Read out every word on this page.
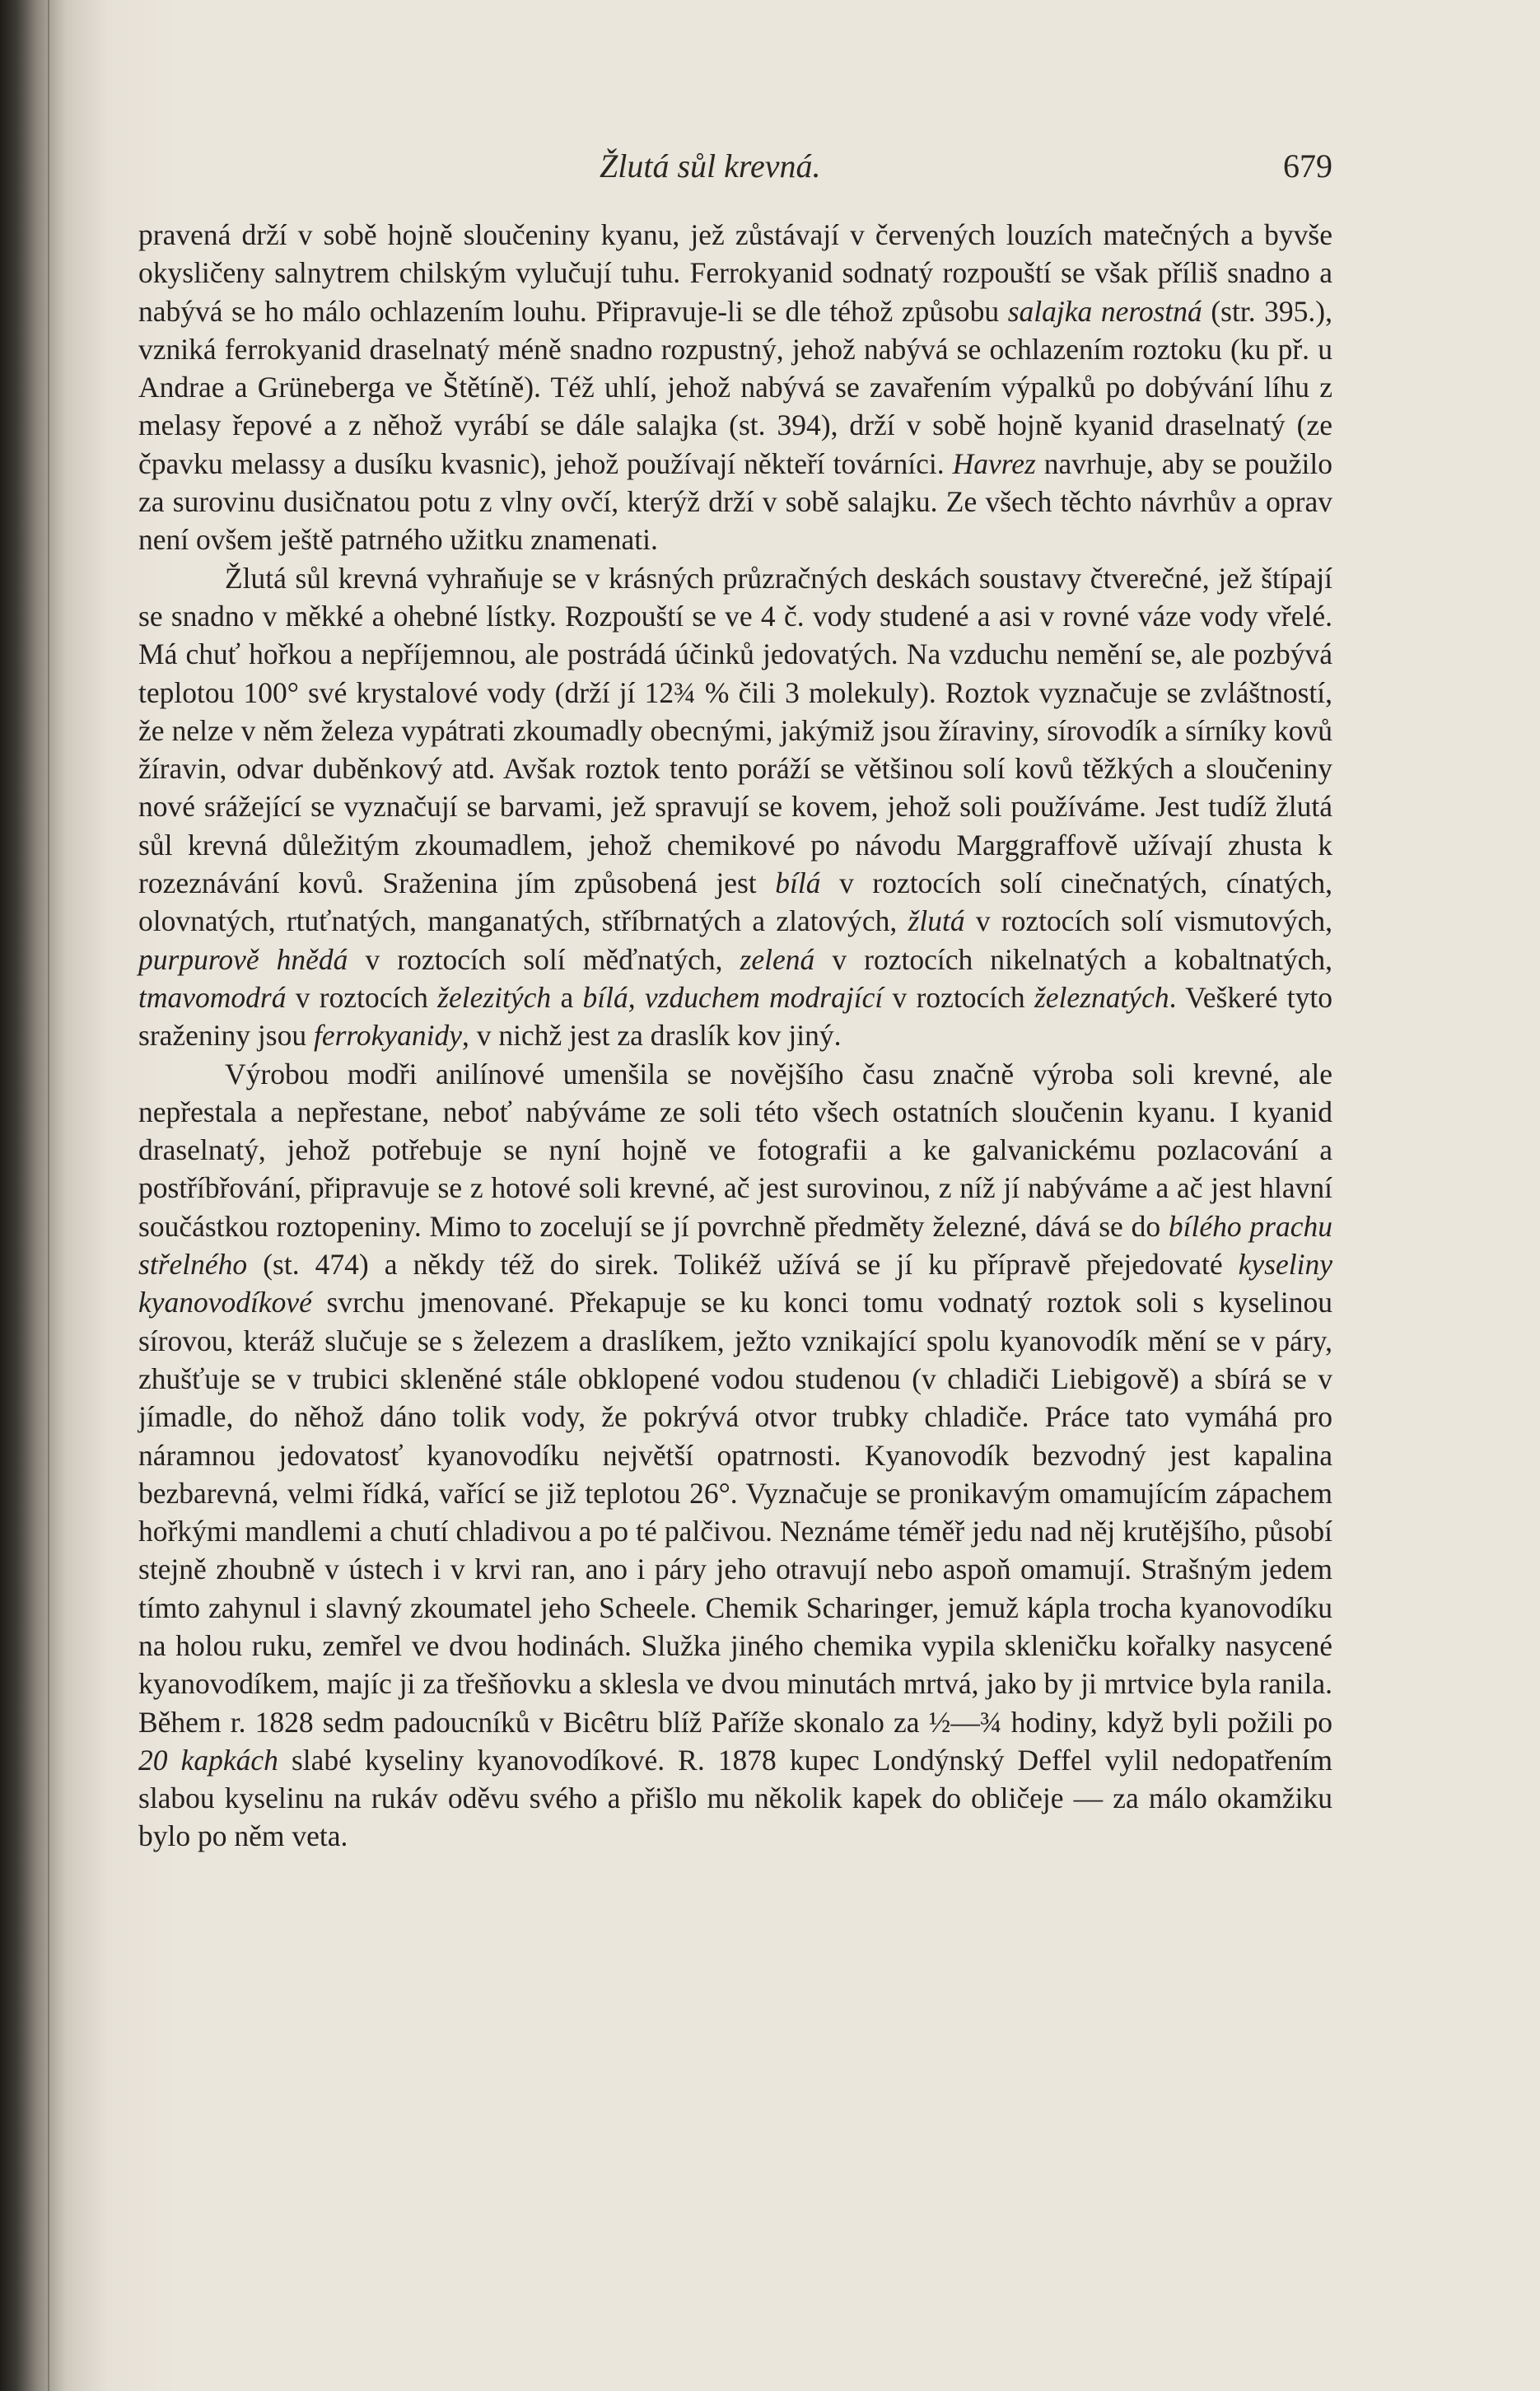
Žlutá sůl krevná.	679

pravená drží v sobě hojně sloučeniny kyanu, jež zůstávají v červených louzích matečných a byvše okysličeny salnytrem chilským vylučují tuhu. Ferrokyanid sodnatý rozpouští se však příliš snadno a nabývá se ho málo ochlazením louhu. Připravuje-li se dle téhož způsobu salajka nerostná (str. 395.), vzniká ferrokyanid draselnatý méně snadno rozpustný, jehož nabývá se ochlazením roztoku (ku př. u Andrae a Grüneberga ve Štětíně). Též uhlí, jehož nabývá se zavařením výpalků po dobývání líhu z melasy řepové a z něhož vyrábí se dále salajka (st. 394), drží v sobě hojně kyanid draselnatý (ze čpavku melassy a dusíku kvasnic), jehož používají někteří továrníci. Havrez navrhuje, aby se použilo za surovinu dusičnatou potu z vlny ovčí, kterýž drží v sobě salajku. Ze všech těchto návrhův a oprav není ovšem ještě patrného užitku znamenati.

Žlutá sůl krevná vyhraňuje se v krásných průzračných deskách soustavy čtverečné, jež štípají se snadno v měkké a ohebné lístky. Rozpouští se ve 4 č. vody studené a asi v rovné váze vody vřelé. Má chuť hořkou a nepříjemnou, ale postrádá účinků jedovatých. Na vzduchu nemění se, ale pozbývá teplotou 100° své krystalové vody (drží jí 12¾ % čili 3 molekuly). Roztok vyznačuje se zvláštností, že nelze v něm železa vypátrati zkoumadly obecnými, jakýmiž jsou žíraviny, sírovodík a sírníky kovů žíravin, odvar duběnkový atd. Avšak roztok tento poráží se většinou solí kovů těžkých a sloučeniny nové srážející se vyznačují se barvami, jež spravují se kovem, jehož soli používáme. Jest tudíž žlutá sůl krevná důležitým zkoumadlem, jehož chemikové po návodu Marggraffově užívají zhusta k rozeznávání kovů. Sraženina jím způsobená jest bílá v roztocích solí cinečnatých, cínatých, olovnatých, rtuťnatých, manganatých, stříbrnatých a zlatových, žlutá v roztocích solí vismutových, purpurově hnědá v roztocích solí měďnatých, zelená v roztocích nikelnatých a kobaltnatých, tmavomodrá v roztocích železitých a bílá, vzduchem modrající v roztocích železnatých. Veškeré tyto sraženiny jsou ferrokyanidy, v nichž jest za draslík kov jiný.

Výrobou modři anilínové umenšila se novějšího času značně výroba soli krevné, ale nepřestala a nepřestane, neboť nabýváme ze soli této všech ostatních sloučenin kyanu. I kyanid draselnatý, jehož potřebuje se nyní hojně ve fotografii a ke galvanickému pozlacování a postříbřování, připravuje se z hotové soli krevné, ač jest surovinou, z níž jí nabýváme a ač jest hlavní součástkou roztopeniny. Mimo to zocelují se jí povrchně předměty železné, dává se do bílého prachu střelného (st. 474) a někdy též do sirek. Tolikéž užívá se jí ku přípravě přejedovaté kyseliny kyanovodíkové svrchu jmenované. Překapuje se ku konci tomu vodnatý roztok soli s kyselinou sírovou, kteráž slučuje se s železem a draslíkem, ježto vznikající spolu kyanovodík mění se v páry, zhušťuje se v trubici skleněné stále obklopené vodou studenou (v chladiči Liebigově) a sbírá se v jímadle, do něhož dáno tolik vody, že pokrývá otvor trubky chladiče. Práce tato vymáhá pro náramnou jedovatosť kyanovodíku největší opatrnosti. Kyanovodík bezvodný jest kapalina bezbarevná, velmi řídká, vařící se již teplotou 26°. Vyznačuje se pronikavým omamujícím zápachem hořkými mandlemi a chutí chladivou a po té palčivou. Neznáme téměř jedu nad něj krutějšího, působí stejně zhoubně v ústech i v krvi ran, ano i páry jeho otravují nebo aspoň omamují. Strašným jedem tímto zahynul i slavný zkoumatel jeho Scheele. Chemik Scharinger, jemuž kápla trocha kyanovodíku na holou ruku, zemřel ve dvou hodinách. Služka jiného chemika vypila skleničku kořalky nasycené kyanovodíkem, majíc ji za třešňovku a sklesla ve dvou minutách mrtvá, jako by ji mrtvice byla ranila. Během r. 1828 sedm padoucníků v Bicêtru blíž Paříže skonalo za ½—¾ hodiny, když byli požili po 20 kapkách slabé kyseliny kyanovodíkové. R. 1878 kupec Londýnský Deffel vylil nedopatřením slabou kyselinu na rukáv oděvu svého a přišlo mu několik kapek do obličeje — za málo okamžiku bylo po něm veta.
